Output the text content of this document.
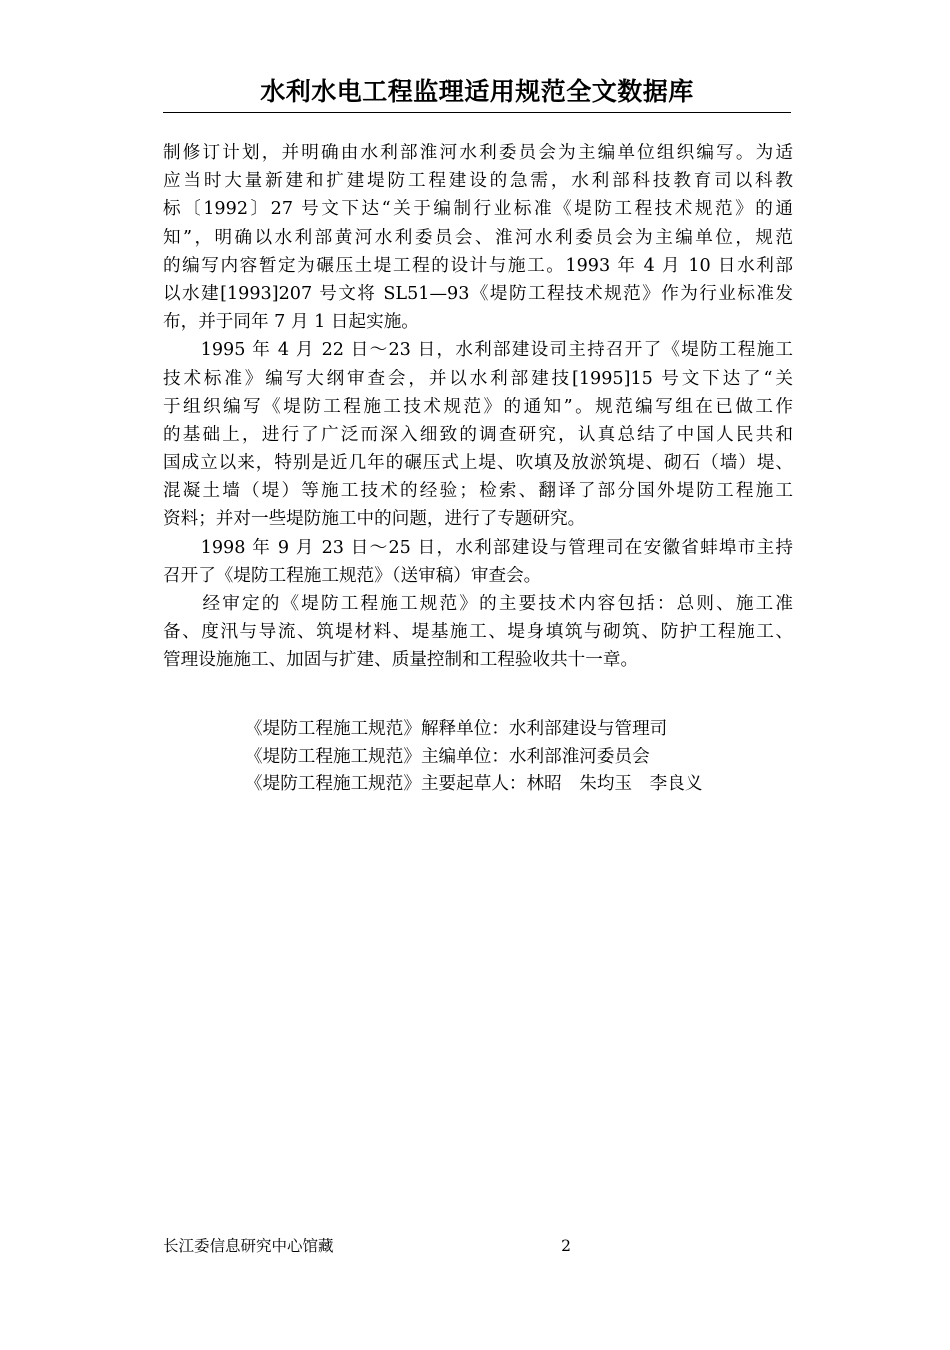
水利水电工程监理适用规范全文数据库
制修订计划，并明确由水利部淮河水利委员会为主编单位组织编写。为适
应当时大量新建和扩建堤防工程建设的急需，水利部科技教育司以科教
标〔1992〕27 号文下达“关于编制行业标准《堤防工程技术规范》的通
知”，明确以水利部黄河水利委员会、淮河水利委员会为主编单位，规范
的编写内容暂定为碾压土堤工程的设计与施工。1993 年 4 月 10 日水利部
以水建[1993]207 号文将 SL51—93《堤防工程技术规范》作为行业标准发
布，并于同年 7 月 1 日起实施。
　　1995 年 4 月 22 日～23 日，水利部建设司主持召开了《堤防工程施工
技术标准》编写大纲审查会，并以水利部建技[1995]15 号文下达了“关
于组织编写《堤防工程施工技术规范》的通知”。规范编写组在已做工作
的基础上，进行了广泛而深入细致的调查研究，认真总结了中国人民共和
国成立以来，特别是近几年的碾压式上堤、吹填及放淤筑堤、砌石（墙）堤、
混凝土墙（堤）等施工技术的经验；检索、翻译了部分国外堤防工程施工
资料；并对一些堤防施工中的问题，进行了专题研究。
　　1998 年 9 月 23 日～25 日，水利部建设与管理司在安徽省蚌埠市主持
召开了《堤防工程施工规范》（送审稿）审查会。
　　经审定的《堤防工程施工规范》的主要技术内容包括：总则、施工准
备、度汛与导流、筑堤材料、堤基施工、堤身填筑与砌筑、防护工程施工、
管理设施施工、加固与扩建、质量控制和工程验收共十一章。
《堤防工程施工规范》解释单位：水利部建设与管理司
《堤防工程施工规范》主编单位：水利部淮河委员会
《堤防工程施工规范》主要起草人：林昭　朱均玉　李良义
长江委信息研究中心馆藏	2
